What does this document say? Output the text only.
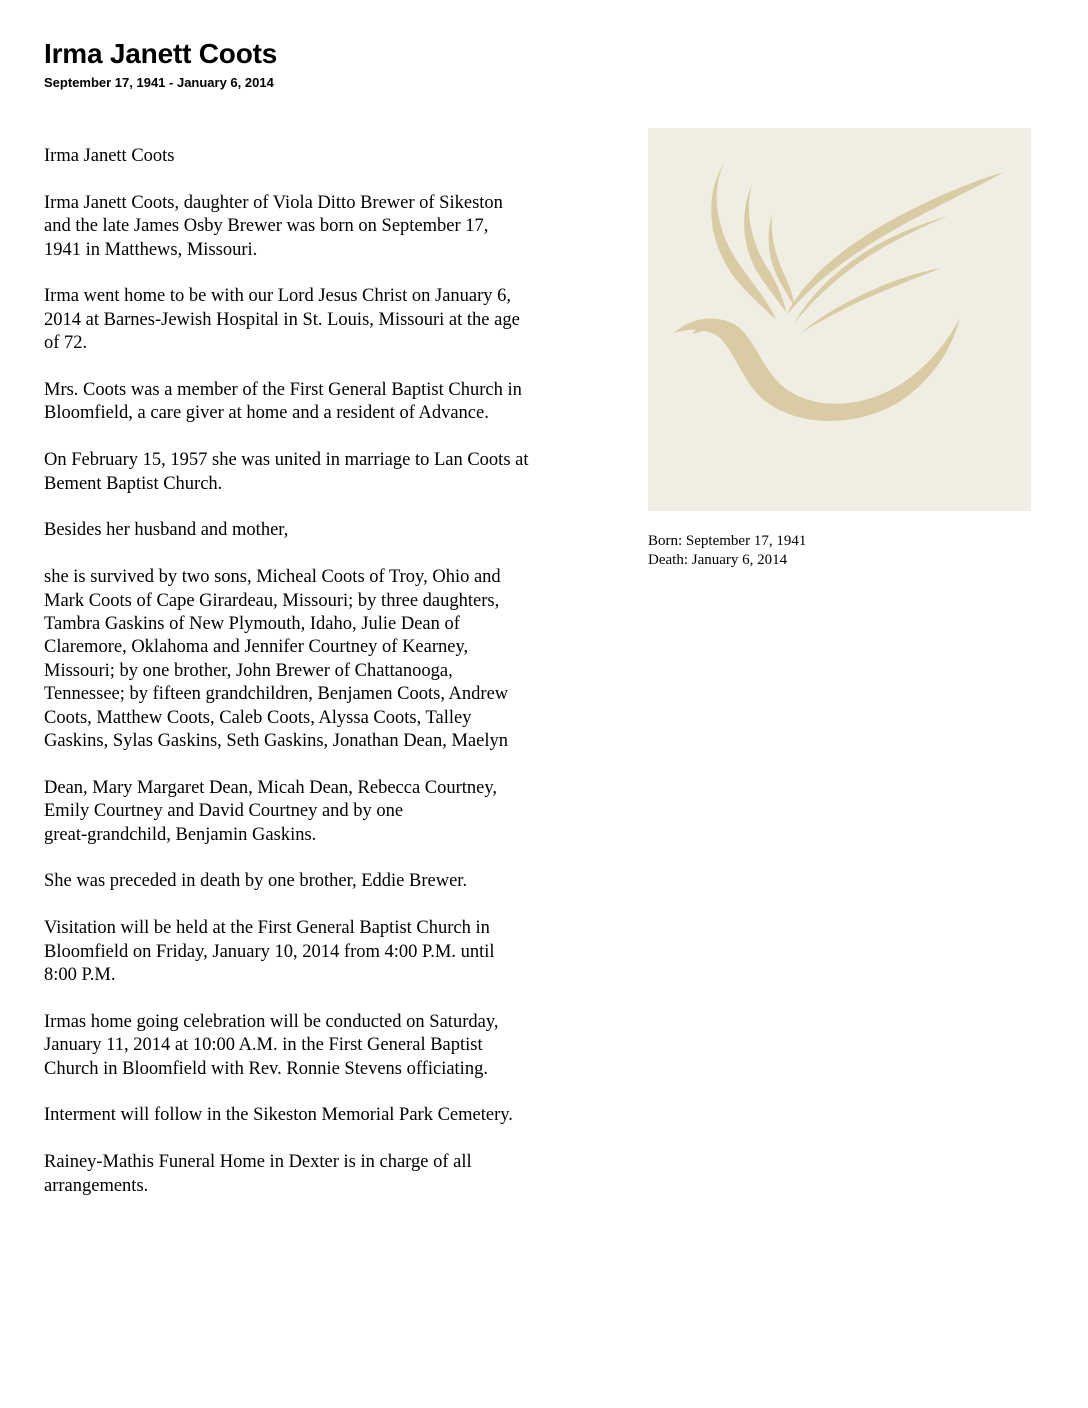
Irma Janett Coots
September 17, 1941 - January 6, 2014

Irma Janett Coots

Irma Janett Coots, daughter of Viola Ditto Brewer of Sikeston
and the late James Osby Brewer was born on September 17,
1941 in Matthews, Missouri.

Irma went home to be with our Lord Jesus Christ on January 6,
2014 at Barnes-Jewish Hospital in St. Louis, Missouri at the age
of 72.

Mrs. Coots was a member of the First General Baptist Church in
Bloomfield, a care giver at home and a resident of Advance.

On February 15, 1957 she was united in marriage to Lan Coots at
Bement Baptist Church.

Besides her husband and mother,

she is survived by two sons, Micheal Coots of Troy, Ohio and
Mark Coots of Cape Girardeau, Missouri; by three daughters,
Tambra Gaskins of New Plymouth, Idaho, Julie Dean of
Claremore, Oklahoma and Jennifer Courtney of Kearney,
Missouri; by one brother, John Brewer of Chattanooga,
Tennessee; by fifteen grandchildren, Benjamen Coots, Andrew
Coots, Matthew Coots, Caleb Coots, Alyssa Coots, Talley
Gaskins, Sylas Gaskins, Seth Gaskins, Jonathan Dean, Maelyn

Dean, Mary Margaret Dean, Micah Dean, Rebecca Courtney,
Emily Courtney and David Courtney and by one
great-grandchild, Benjamin Gaskins.

She was preceded in death by one brother, Eddie Brewer.

Visitation will be held at the First General Baptist Church in
Bloomfield on Friday, January 10, 2014 from 4:00 P.M. until
8:00 P.M.

Irmas home going celebration will be conducted on Saturday,
January 11, 2014 at 10:00 A.M. in the First General Baptist
Church in Bloomfield with Rev. Ronnie Stevens officiating.

Interment will follow in the Sikeston Memorial Park Cemetery.

Rainey-Mathis Funeral Home in Dexter is in charge of all
arrangements.

Born: September 17, 1941
Death: January 6, 2014
